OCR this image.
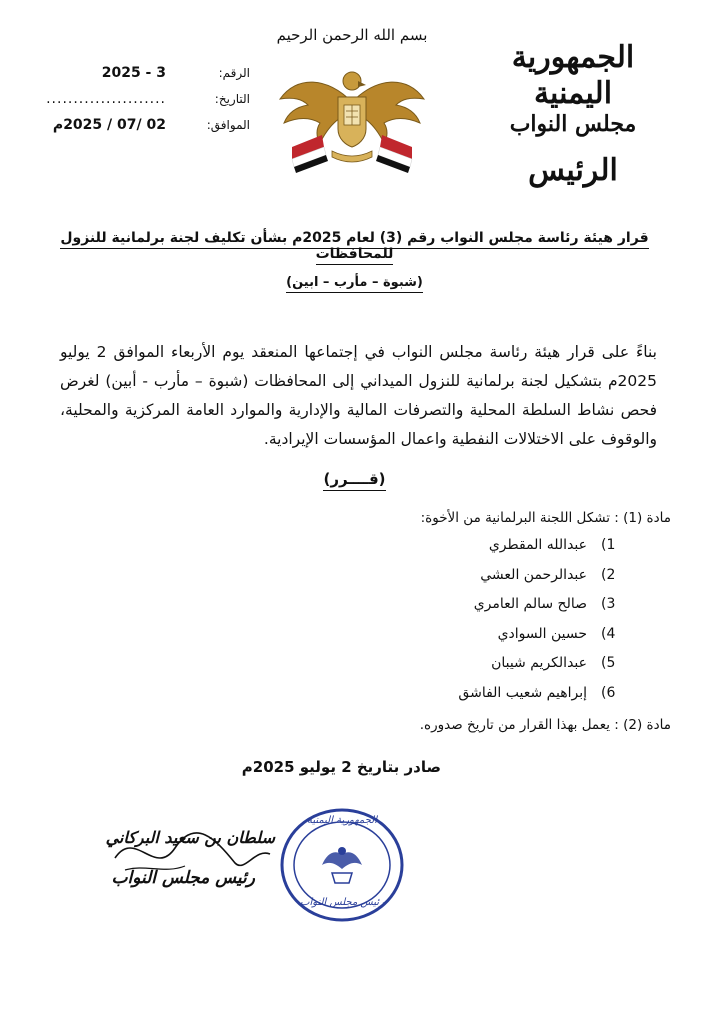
الجمهورية اليمنية
مجلس النواب
الرئيس
بسم الله الرحمن الرحيم
الرقم:
3 - 2025
التاريخ:
......................
الموافق:
02 /07 / 2025م
قرار هيئة رئاسة مجلس النواب رقم (3) لعام 2025م بشأن تكليف لجنة برلمانية للنزول للمحافظات
(شبوة – مأرب – ابين)
بناءً على قرار هيئة رئاسة مجلس النواب في إجتماعها المنعقد يوم الأربعاء الموافق 2 يوليو 2025م بتشكيل لجنة برلمانية للنزول الميداني إلى المحافظات (شبوة – مأرب - أبين) لغرض فحص نشاط السلطة المحلية والتصرفات المالية والإدارية والموارد العامة المركزية والمحلية، والوقوف على الاختلالات النفطية واعمال المؤسسات الإيرادية.
(قــــرر)
مادة (1) : تشكل اللجنة البرلمانية من الأخوة:
1)
عبدالله المقطري
2)
عبدالرحمن العشي
3)
صالح سالم العامري
4)
حسين السوادي
5)
عبدالكريم شيبان
6)
إبراهيم شعيب الفاشق
مادة (2) : يعمل بهذا القرار من تاريخ صدوره.
صادر بتاريخ 2 يوليو 2025م
سلطان بن سعيد البركاني
رئيس مجلس النواب
الجمهورية اليمنية
رئيس مجلس النواب
